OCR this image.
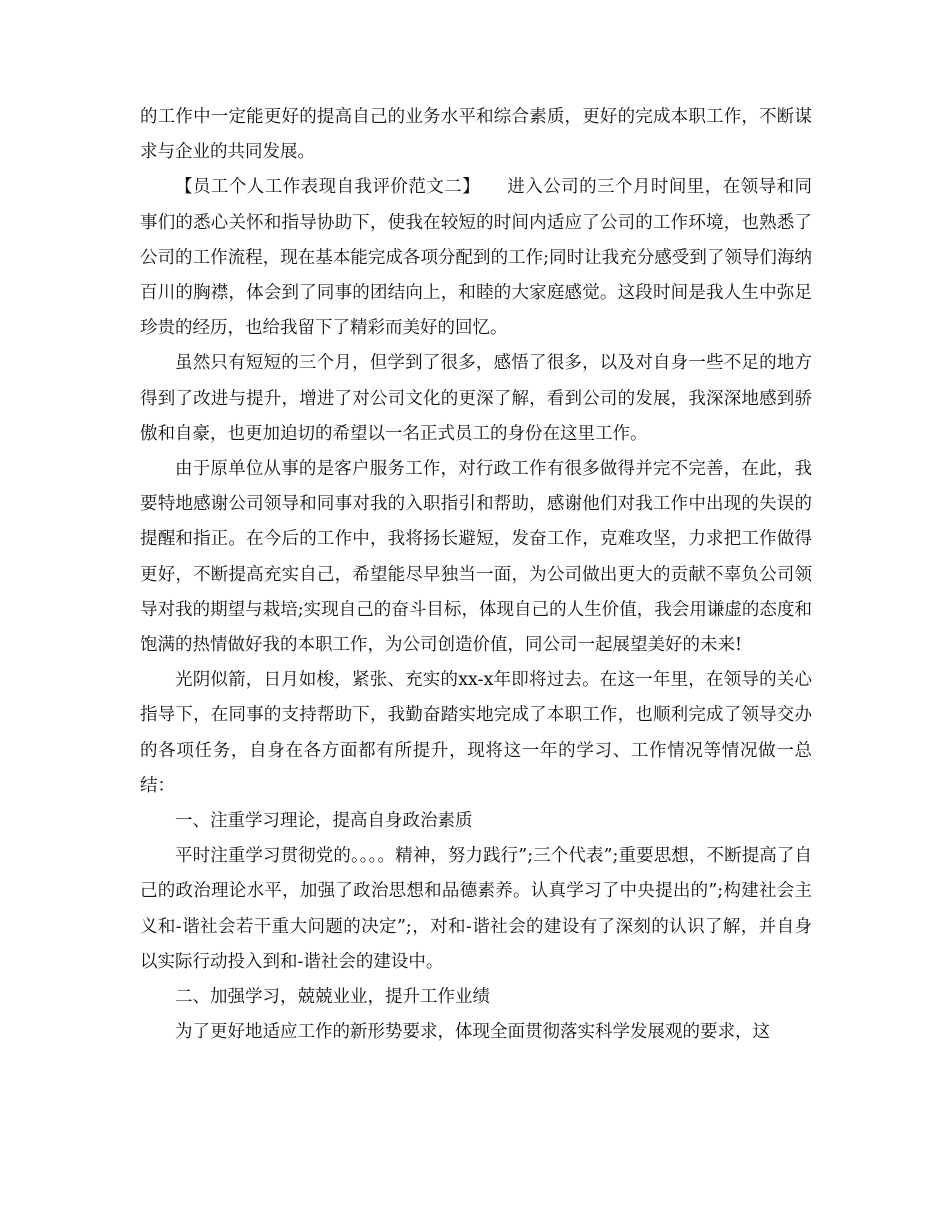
的工作中一定能更好的提高自己的业务水平和综合素质，更好的完成本职工作，不断谋求与企业的共同发展。

【员工个人工作表现自我评价范文二】　　进入公司的三个月时间里，在领导和同事们的悉心关怀和指导协助下，使我在较短的时间内适应了公司的工作环境，也熟悉了公司的工作流程，现在基本能完成各项分配到的工作;同时让我充分感受到了领导们海纳百川的胸襟，体会到了同事的团结向上，和睦的大家庭感觉。这段时间是我人生中弥足珍贵的经历，也给我留下了精彩而美好的回忆。

虽然只有短短的三个月，但学到了很多，感悟了很多，以及对自身一些不足的地方得到了改进与提升，增进了对公司文化的更深了解，看到公司的发展，我深深地感到骄傲和自豪，也更加迫切的希望以一名正式员工的身份在这里工作。

由于原单位从事的是客户服务工作，对行政工作有很多做得并完不完善，在此，我要特地感谢公司领导和同事对我的入职指引和帮助，感谢他们对我工作中出现的失误的提醒和指正。在今后的工作中，我将扬长避短，发奋工作，克难攻坚，力求把工作做得更好，不断提高充实自己，希望能尽早独当一面，为公司做出更大的贡献不辜负公司领导对我的期望与栽培;实现自己的奋斗目标，体现自己的人生价值，我会用谦虚的态度和饱满的热情做好我的本职工作，为公司创造价值，同公司一起展望美好的未来!

光阴似箭，日月如梭，紧张、充实的xx-x年即将过去。在这一年里，在领导的关心指导下，在同事的支持帮助下，我勤奋踏实地完成了本职工作，也顺利完成了领导交办的各项任务，自身在各方面都有所提升，现将这一年的学习、工作情况等情况做一总结：

一、注重学习理论，提高自身政治素质

平时注重学习贯彻党的。。。。精神，努力践行”;三个代表”;重要思想，不断提高了自己的政治理论水平，加强了政治思想和品德素养。认真学习了中央提出的”;构建社会主义和-谐社会若干重大问题的决定”;，对和-谐社会的建设有了深刻的认识了解，并自身以实际行动投入到和-谐社会的建设中。

二、加强学习，兢兢业业，提升工作业绩

为了更好地适应工作的新形势要求，体现全面贯彻落实科学发展观的要求，这
